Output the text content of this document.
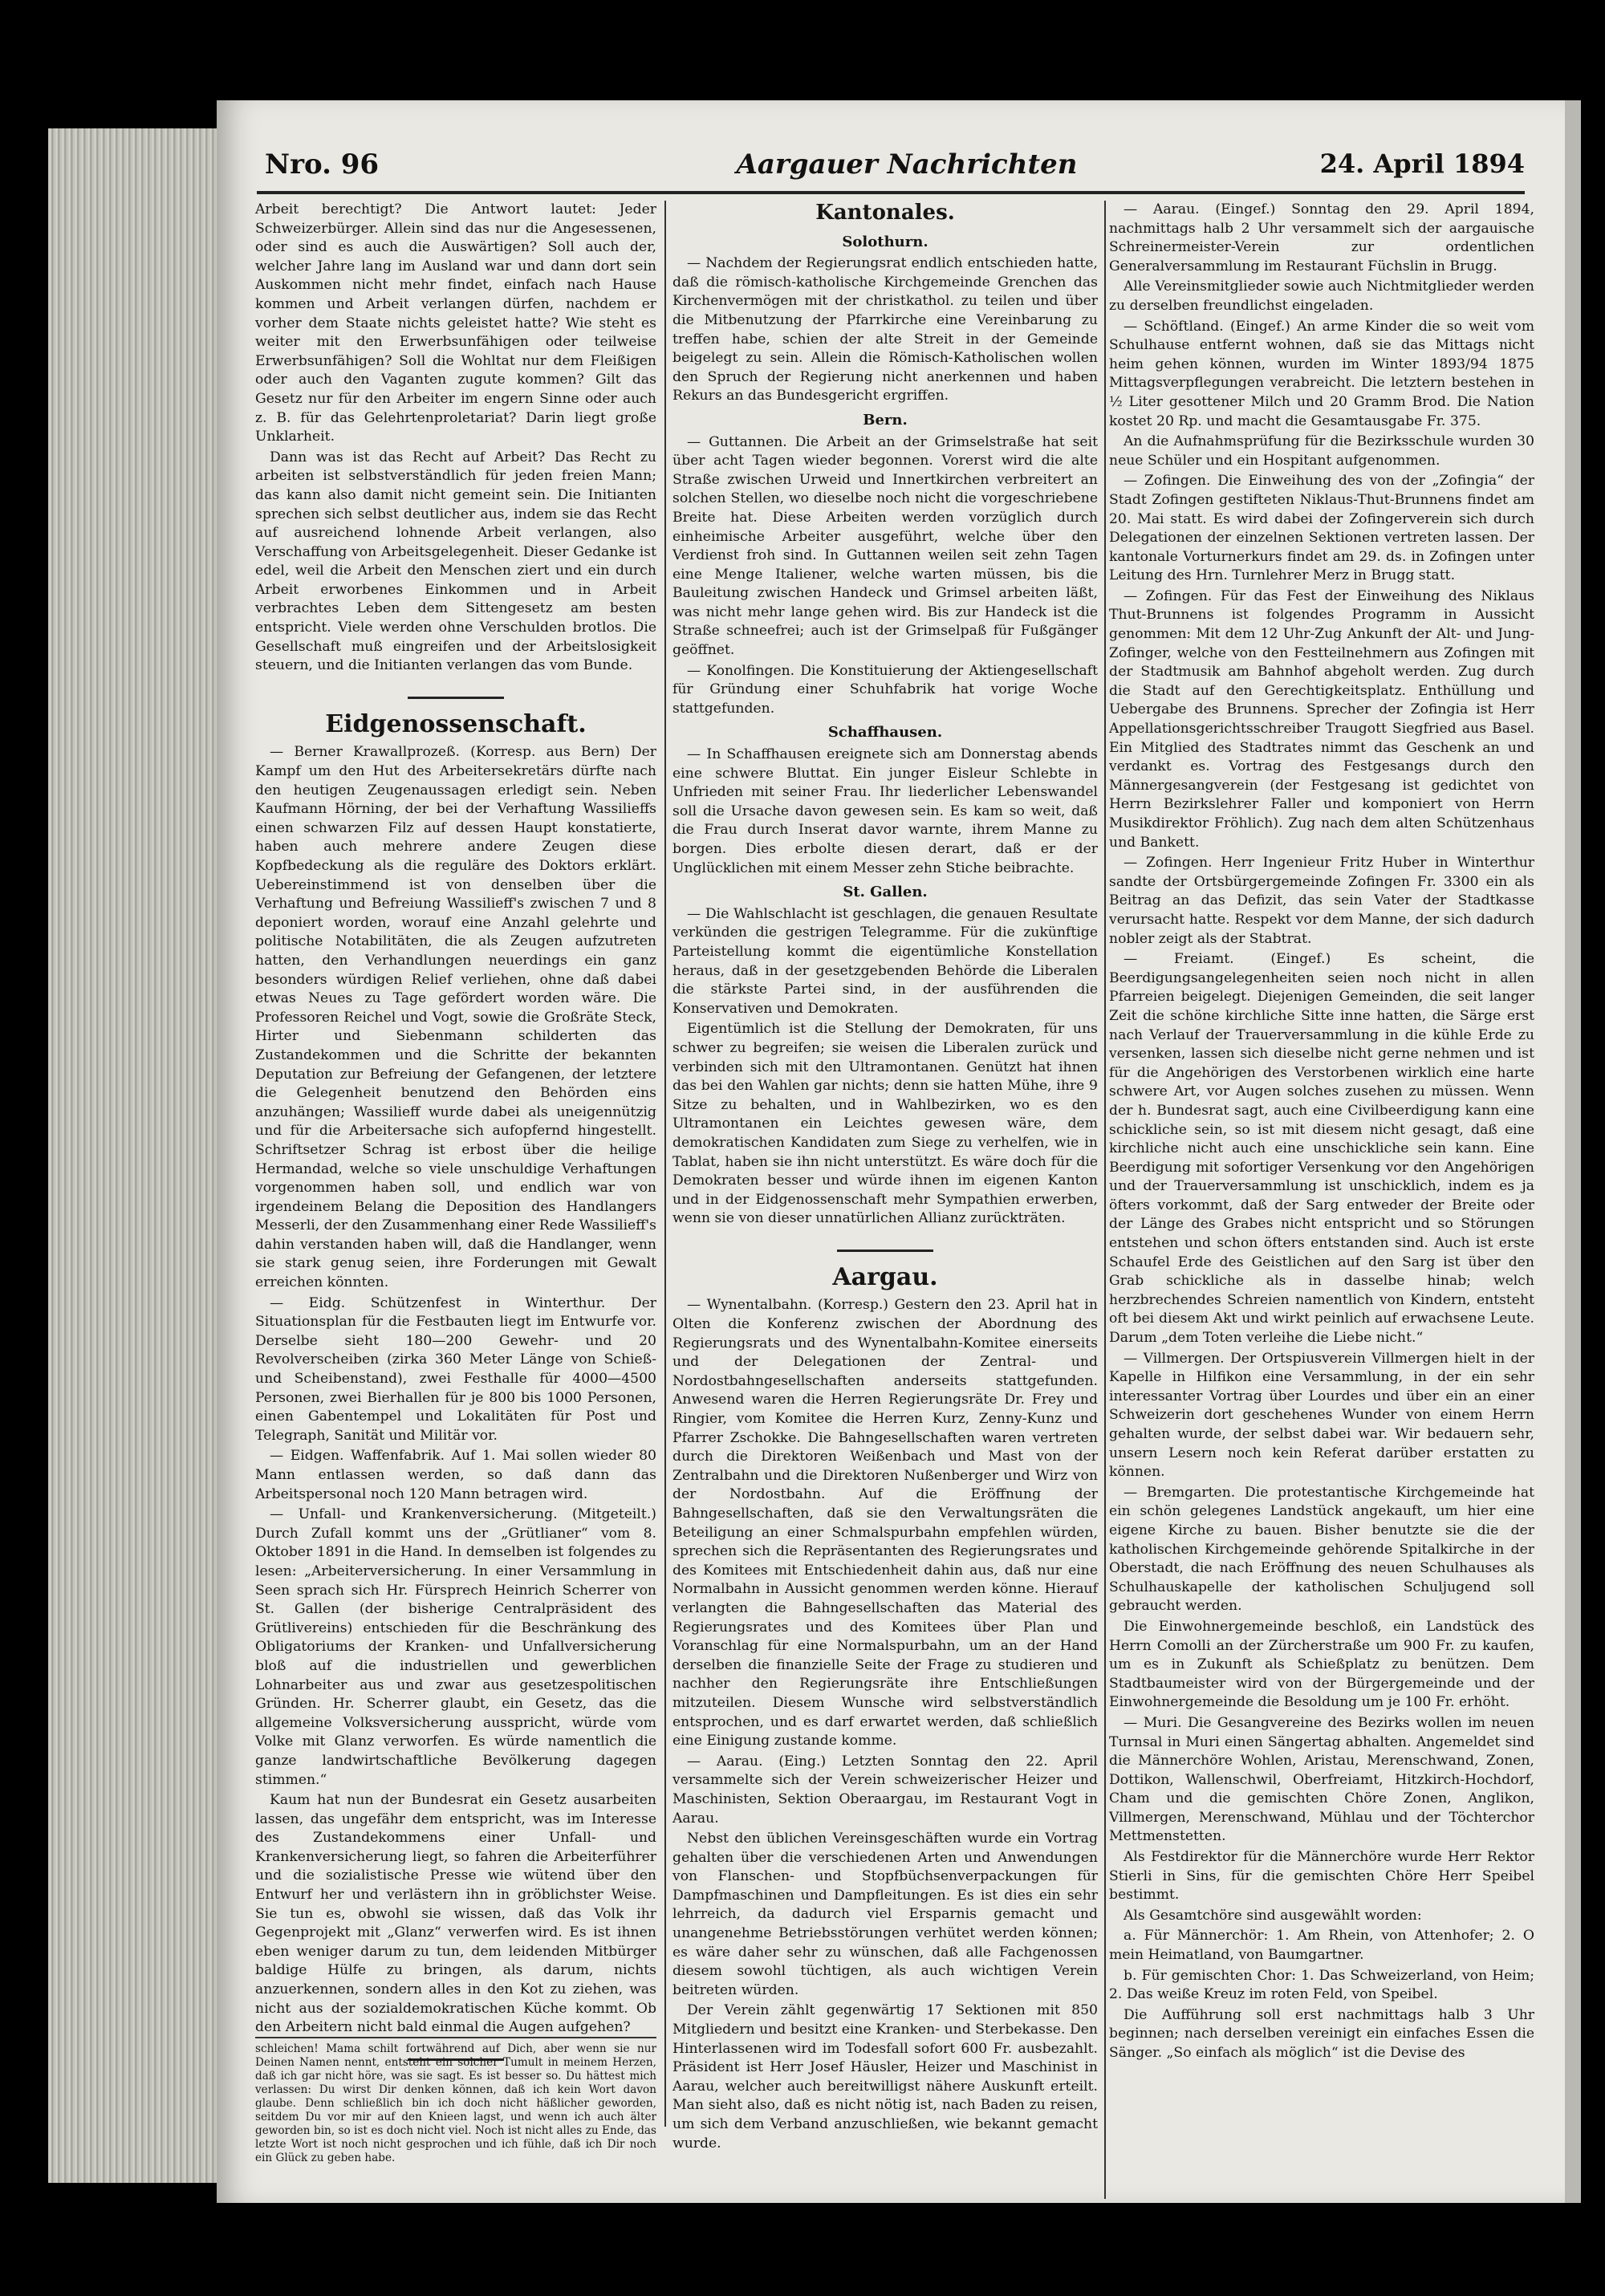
Nro. 96	Aargauer Nachrichten	24. April 1894

Arbeit berechtigt? Die Antwort lautet: Jeder Schweizerbürger. Allein sind das nur die Angesessenen, oder sind es auch die Auswärtigen? Soll auch der, welcher Jahre lang im Ausland war und dann dort sein Auskommen nicht mehr findet, einfach nach Hause kommen und Arbeit verlangen dürfen, nachdem er vorher dem Staate nichts geleistet hatte? Wie steht es weiter mit den Erwerbsunfähigen oder teilweise Erwerbsunfähigen? Soll die Wohltat nur dem Fleißigen oder auch den Vaganten zugute kommen? Gilt das Gesetz nur für den Arbeiter im engern Sinne oder auch z. B. für das Gelehrtenproletariat? Darin liegt große Unklarheit.

Dann was ist das Recht auf Arbeit? Das Recht zu arbeiten ist selbstverständlich für jeden freien Mann; das kann also damit nicht gemeint sein. Die Initianten sprechen sich selbst deutlicher aus, indem sie das Recht auf ausreichend lohnende Arbeit verlangen, also Verschaffung von Arbeitsgelegenheit. Dieser Gedanke ist edel, weil die Arbeit den Menschen ziert und ein durch Arbeit erworbenes Einkommen und in Arbeit verbrachtes Leben dem Sittengesetz am besten entspricht. Viele werden ohne Verschulden brotlos. Die Gesellschaft muß eingreifen und der Arbeitslosigkeit steuern, und die Initianten verlangen das vom Bunde.

Eidgenossenschaft.

— Berner Krawallprozeß. (Korresp. aus Bern) Der Kampf um den Hut des Arbeitersekretärs dürfte nach den heutigen Zeugenaussagen erledigt sein. Neben Kaufmann Hörning, der bei der Verhaftung Wassilieffs einen schwarzen Filz auf dessen Haupt konstatierte, haben auch mehrere andere Zeugen diese Kopfbedeckung als die reguläre des Doktors erklärt. Uebereinstimmend ist von denselben über die Verhaftung und Befreiung Wassilieff's zwischen 7 und 8 deponiert worden, worauf eine Anzahl gelehrte und politische Notabilitäten, die als Zeugen aufzutreten hatten, den Verhandlungen neuerdings ein ganz besonders würdigen Relief verliehen, ohne daß dabei etwas Neues zu Tage gefördert worden wäre. Die Professoren Reichel und Vogt, sowie die Großräte Steck, Hirter und Siebenmann schilderten das Zustandekommen und die Schritte der bekannten Deputation zur Befreiung der Gefangenen, der letztere die Gelegenheit benutzend den Behörden eins anzuhängen; Wassilieff wurde dabei als uneigennützig und für die Arbeitersache sich aufopfernd hingestellt. Schriftsetzer Schrag ist erbost über die heilige Hermandad, welche so viele unschuldige Verhaftungen vorgenommen haben soll, und endlich war von irgendeinem Belang die Deposition des Handlangers Messerli, der den Zusammenhang einer Rede Wassilieff's dahin verstanden haben will, daß die Handlanger, wenn sie stark genug seien, ihre Forderungen mit Gewalt erreichen könnten.

— Eidg. Schützenfest in Winterthur. Der Situationsplan für die Festbauten liegt im Entwurfe vor. Derselbe sieht 180—200 Gewehr- und 20 Revolverscheiben (zirka 360 Meter Länge von Schieß- und Scheibenstand), zwei Festhalle für 4000—4500 Personen, zwei Bierhallen für je 800 bis 1000 Personen, einen Gabentempel und Lokalitäten für Post und Telegraph, Sanität und Militär vor.

— Eidgen. Waffenfabrik. Auf 1. Mai sollen wieder 80 Mann entlassen werden, so daß dann das Arbeitspersonal noch 120 Mann betragen wird.

— Unfall- und Krankenversicherung. (Mitgeteilt.) Durch Zufall kommt uns der „Grütlianer“ vom 8. Oktober 1891 in die Hand. In demselben ist folgendes zu lesen: „Arbeiterversicherung. In einer Versammlung in Seen sprach sich Hr. Fürsprech Heinrich Scherrer von St. Gallen (der bisherige Centralpräsident des Grütlivereins) entschieden für die Beschränkung des Obligatoriums der Kranken- und Unfallversicherung bloß auf die industriellen und gewerblichen Lohnarbeiter aus und zwar aus gesetzespolitischen Gründen. Hr. Scherrer glaubt, ein Gesetz, das die allgemeine Volksversicherung ausspricht, würde vom Volke mit Glanz verworfen. Es würde namentlich die ganze landwirtschaftliche Bevölkerung dagegen stimmen.“

Kaum hat nun der Bundesrat ein Gesetz ausarbeiten lassen, das ungefähr dem entspricht, was im Interesse des Zustandekommens einer Unfall- und Krankenversicherung liegt, so fahren die Arbeiterführer und die sozialistische Presse wie wütend über den Entwurf her und verlästern ihn in gröblichster Weise. Sie tun es, obwohl sie wissen, daß das Volk ihr Gegenprojekt mit „Glanz“ verwerfen wird. Es ist ihnen eben weniger darum zu tun, dem leidenden Mitbürger baldige Hülfe zu bringen, als darum, nichts anzuerkennen, sondern alles in den Kot zu ziehen, was nicht aus der sozialdemokratischen Küche kommt. Ob den Arbeitern nicht bald einmal die Augen aufgehen?

schleichen! Mama schilt fortwährend auf Dich, aber wenn sie nur Deinen Namen nennt, entsteht ein solcher Tumult in meinem Herzen, daß ich gar nicht höre, was sie sagt. Es ist besser so. Du hättest mich verlassen: Du wirst Dir denken können, daß ich kein Wort davon glaube. Denn schließlich bin ich doch nicht häßlicher geworden, seitdem Du vor mir auf den Knieen lagst, und wenn ich auch älter geworden bin, so ist es doch nicht viel. Noch ist nicht alles zu Ende, das letzte Wort ist noch nicht gesprochen und ich fühle, daß ich Dir noch ein Glück zu geben habe.
Kantonales.
Solothurn.

— Nachdem der Regierungsrat endlich entschieden hatte, daß die römisch-katholische Kirchgemeinde Grenchen das Kirchenvermögen mit der christkathol. zu teilen und über die Mitbenutzung der Pfarrkirche eine Vereinbarung zu treffen habe, schien der alte Streit in der Gemeinde beigelegt zu sein. Allein die Römisch-Katholischen wollen den Spruch der Regierung nicht anerkennen und haben Rekurs an das Bundesgericht ergriffen.

Bern.

— Guttannen. Die Arbeit an der Grimselstraße hat seit über acht Tagen wieder begonnen. Vorerst wird die alte Straße zwischen Urweid und Innertkirchen verbreitert an solchen Stellen, wo dieselbe noch nicht die vorgeschriebene Breite hat. Diese Arbeiten werden vorzüglich durch einheimische Arbeiter ausgeführt, welche über den Verdienst froh sind. In Guttannen weilen seit zehn Tagen eine Menge Italiener, welche warten müssen, bis die Bauleitung zwischen Handeck und Grimsel arbeiten läßt, was nicht mehr lange gehen wird. Bis zur Handeck ist die Straße schneefrei; auch ist der Grimselpaß für Fußgänger geöffnet.

— Konolfingen. Die Konstituierung der Aktiengesellschaft für Gründung einer Schuhfabrik hat vorige Woche stattgefunden.

Schaffhausen.

— In Schaffhausen ereignete sich am Donnerstag abends eine schwere Bluttat. Ein junger Eisleur Schlebte in Unfrieden mit seiner Frau. Ihr liederlicher Lebenswandel soll die Ursache davon gewesen sein. Es kam so weit, daß die Frau durch Inserat davor warnte, ihrem Manne zu borgen. Dies erbolte diesen derart, daß er der Unglücklichen mit einem Messer zehn Stiche beibrachte.

St. Gallen.

— Die Wahlschlacht ist geschlagen, die genauen Resultate verkünden die gestrigen Telegramme. Für die zukünftige Parteistellung kommt die eigentümliche Konstellation heraus, daß in der gesetzgebenden Behörde die Liberalen die stärkste Partei sind, in der ausführenden die Konservativen und Demokraten.

Eigentümlich ist die Stellung der Demokraten, für uns schwer zu begreifen; sie weisen die Liberalen zurück und verbinden sich mit den Ultramontanen. Genützt hat ihnen das bei den Wahlen gar nichts; denn sie hatten Mühe, ihre 9 Sitze zu behalten, und in Wahlbezirken, wo es den Ultramontanen ein Leichtes gewesen wäre, dem demokratischen Kandidaten zum Siege zu verhelfen, wie in Tablat, haben sie ihn nicht unterstützt. Es wäre doch für die Demokraten besser und würde ihnen im eigenen Kanton und in der Eidgenossenschaft mehr Sympathien erwerben, wenn sie von dieser unnatürlichen Allianz zurückträten.

Aargau.

— Wynentalbahn. (Korresp.) Gestern den 23. April hat in Olten die Konferenz zwischen der Abordnung des Regierungsrats und des Wynentalbahn-Komitee einerseits und der Delegationen der Zentral- und Nordostbahngesellschaften anderseits stattgefunden. Anwesend waren die Herren Regierungsräte Dr. Frey und Ringier, vom Komitee die Herren Kurz, Zenny-Kunz und Pfarrer Zschokke. Die Bahngesellschaften waren vertreten durch die Direktoren Weißenbach und Mast von der Zentralbahn und die Direktoren Nußenberger und Wirz von der Nordostbahn. Auf die Eröffnung der Bahngesellschaften, daß sie den Verwaltungsräten die Beteiligung an einer Schmalspurbahn empfehlen würden, sprechen sich die Repräsentanten des Regierungsrates und des Komitees mit Entschiedenheit dahin aus, daß nur eine Normalbahn in Aussicht genommen werden könne. Hierauf verlangten die Bahngesellschaften das Material des Regierungsrates und des Komitees über Plan und Voranschlag für eine Normalspurbahn, um an der Hand derselben die finanzielle Seite der Frage zu studieren und nachher den Regierungsräte ihre Entschließungen mitzuteilen. Diesem Wunsche wird selbstverständlich entsprochen, und es darf erwartet werden, daß schließlich eine Einigung zustande komme.

— Aarau. (Eing.) Letzten Sonntag den 22. April versammelte sich der Verein schweizerischer Heizer und Maschinisten, Sektion Oberaargau, im Restaurant Vogt in Aarau.

Nebst den üblichen Vereinsgeschäften wurde ein Vortrag gehalten über die verschiedenen Arten und Anwendungen von Flanschen- und Stopfbüchsenverpackungen für Dampfmaschinen und Dampfleitungen. Es ist dies ein sehr lehrreich, da dadurch viel Ersparnis gemacht und unangenehme Betriebsstörungen verhütet werden können; es wäre daher sehr zu wünschen, daß alle Fachgenossen diesem sowohl tüchtigen, als auch wichtigen Verein beitreten würden.

Der Verein zählt gegenwärtig 17 Sektionen mit 850 Mitgliedern und besitzt eine Kranken- und Sterbekasse. Den Hinterlassenen wird im Todesfall sofort 600 Fr. ausbezahlt. Präsident ist Herr Josef Häusler, Heizer und Maschinist in Aarau, welcher auch bereitwilligst nähere Auskunft erteilt. Man sieht also, daß es nicht nötig ist, nach Baden zu reisen, um sich dem Verband anzuschließen, wie bekannt gemacht wurde.

— Aarau. (Eingef.) Sonntag den 29. April 1894, nachmittags halb 2 Uhr versammelt sich der aargauische Schreinermeister-Verein zur ordentlichen Generalversammlung im Restaurant Füchslin in Brugg.

Alle Vereinsmitglieder sowie auch Nichtmitglieder werden zu derselben freundlichst eingeladen.

— Schöftland. (Eingef.) An arme Kinder die so weit vom Schulhause entfernt wohnen, daß sie das Mittags nicht heim gehen können, wurden im Winter 1893/94 1875 Mittagsverpflegungen verabreicht. Die letztern bestehen in ½ Liter gesottener Milch und 20 Gramm Brod. Die Nation kostet 20 Rp. und macht die Gesamtausgabe Fr. 375.

An die Aufnahmsprüfung für die Bezirksschule wurden 30 neue Schüler und ein Hospitant aufgenommen.

— Zofingen. Die Einweihung des von der „Zofingia“ der Stadt Zofingen gestifteten Niklaus-Thut-Brunnens findet am 20. Mai statt. Es wird dabei der Zofingerverein sich durch Delegationen der einzelnen Sektionen vertreten lassen. Der kantonale Vorturnerkurs findet am 29. ds. in Zofingen unter Leitung des Hrn. Turnlehrer Merz in Brugg statt.

— Zofingen. Für das Fest der Einweihung des Niklaus Thut-Brunnens ist folgendes Programm in Aussicht genommen: Mit dem 12 Uhr-Zug Ankunft der Alt- und Jung-Zofinger, welche von den Festteilnehmern aus Zofingen mit der Stadtmusik am Bahnhof abgeholt werden. Zug durch die Stadt auf den Gerechtigkeitsplatz. Enthüllung und Uebergabe des Brunnens. Sprecher der Zofingia ist Herr Appellationsgerichtsschreiber Traugott Siegfried aus Basel. Ein Mitglied des Stadtrates nimmt das Geschenk an und verdankt es. Vortrag des Festgesangs durch den Männergesangverein (der Festgesang ist gedichtet von Herrn Bezirkslehrer Faller und komponiert von Herrn Musikdirektor Fröhlich). Zug nach dem alten Schützenhaus und Bankett.

— Zofingen. Herr Ingenieur Fritz Huber in Winterthur sandte der Ortsbürgergemeinde Zofingen Fr. 3300 ein als Beitrag an das Defizit, das sein Vater der Stadtkasse verursacht hatte. Respekt vor dem Manne, der sich dadurch nobler zeigt als der Stabtrat.

— Freiamt. (Eingef.) Es scheint, die Beerdigungsangelegenheiten seien noch nicht in allen Pfarreien beigelegt. Diejenigen Gemeinden, die seit langer Zeit die schöne kirchliche Sitte inne hatten, die Särge erst nach Verlauf der Trauerversammlung in die kühle Erde zu versenken, lassen sich dieselbe nicht gerne nehmen und ist für die Angehörigen des Verstorbenen wirklich eine harte schwere Art, vor Augen solches zusehen zu müssen. Wenn der h. Bundesrat sagt, auch eine Civilbeerdigung kann eine schickliche sein, so ist mit diesem nicht gesagt, daß eine kirchliche nicht auch eine unschickliche sein kann. Eine Beerdigung mit sofortiger Versenkung vor den Angehörigen und der Trauerversammlung ist unschicklich, indem es ja öfters vorkommt, daß der Sarg entweder der Breite oder der Länge des Grabes nicht entspricht und so Störungen entstehen und schon öfters entstanden sind. Auch ist erste Schaufel Erde des Geistlichen auf den Sarg ist über den Grab schickliche als in dasselbe hinab; welch herzbrechendes Schreien namentlich von Kindern, entsteht oft bei diesem Akt und wirkt peinlich auf erwachsene Leute. Darum „dem Toten verleihe die Liebe nicht.“

— Villmergen. Der Ortspiusverein Villmergen hielt in der Kapelle in Hilfikon eine Versammlung, in der ein sehr interessanter Vortrag über Lourdes und über ein an einer Schweizerin dort geschehenes Wunder von einem Herrn gehalten wurde, der selbst dabei war. Wir bedauern sehr, unsern Lesern noch kein Referat darüber erstatten zu können.

— Bremgarten. Die protestantische Kirchgemeinde hat ein schön gelegenes Landstück angekauft, um hier eine eigene Kirche zu bauen. Bisher benutzte sie die der katholischen Kirchgemeinde gehörende Spitalkirche in der Oberstadt, die nach Eröffnung des neuen Schulhauses als Schulhauskapelle der katholischen Schuljugend soll gebraucht werden.

Die Einwohnergemeinde beschloß, ein Landstück des Herrn Comolli an der Zürcherstraße um 900 Fr. zu kaufen, um es in Zukunft als Schießplatz zu benützen. Dem Stadtbaumeister wird von der Bürgergemeinde und der Einwohnergemeinde die Besoldung um je 100 Fr. erhöht.

— Muri. Die Gesangvereine des Bezirks wollen im neuen Turnsal in Muri einen Sängertag abhalten. Angemeldet sind die Männerchöre Wohlen, Aristau, Merenschwand, Zonen, Dottikon, Wallenschwil, Oberfreiamt, Hitzkirch-Hochdorf, Cham und die gemischten Chöre Zonen, Anglikon, Villmergen, Merenschwand, Mühlau und der Töchterchor Mettmenstetten.

Als Festdirektor für die Männerchöre wurde Herr Rektor Stierli in Sins, für die gemischten Chöre Herr Speibel bestimmt.

Als Gesamtchöre sind ausgewählt worden:

a. Für Männerchör: 1. Am Rhein, von Attenhofer; 2. O mein Heimatland, von Baumgartner.

b. Für gemischten Chor: 1. Das Schweizerland, von Heim; 2. Das weiße Kreuz im roten Feld, von Speibel.

Die Aufführung soll erst nachmittags halb 3 Uhr beginnen; nach derselben vereinigt ein einfaches Essen die Sänger. „So einfach als möglich“ ist die Devise des
